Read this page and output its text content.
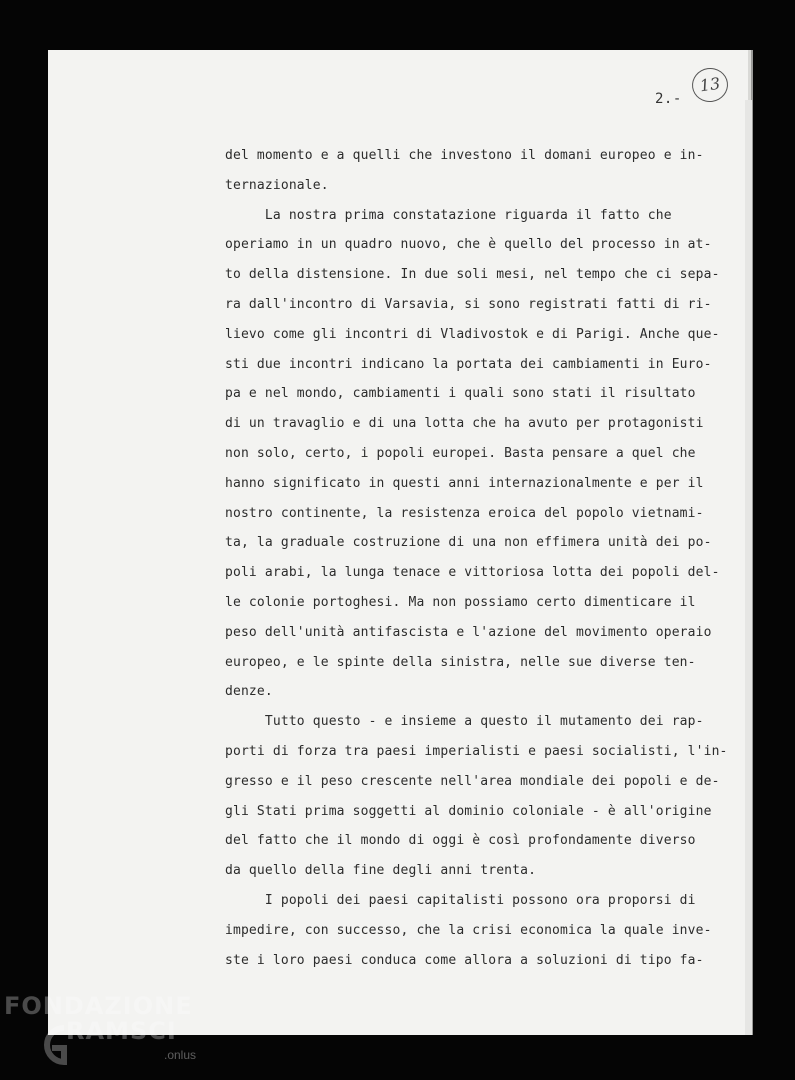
13
2.-
del momento e a quelli che investono il domani europeo e in-
ternazionale.
La nostra prima constatazione riguarda il fatto che
operiamo in un quadro nuovo, che è quello del processo in at-
to della distensione. In due soli mesi, nel tempo che ci sepa-
ra dall'incontro di Varsavia, si sono registrati fatti di ri-
lievo come gli incontri di Vladivostok e di Parigi. Anche que-
sti due incontri indicano la portata dei cambiamenti in Euro-
pa e nel mondo, cambiamenti i quali sono stati il risultato
di un travaglio e di una lotta che ha avuto per protagonisti
non solo, certo, i popoli europei. Basta pensare a quel che
hanno significato in questi anni internazionalmente e per il
nostro continente, la resistenza eroica del popolo vietnami-
ta, la graduale costruzione di una non effimera unità dei po-
poli arabi, la lunga tenace e vittoriosa lotta dei popoli del-
le colonie portoghesi. Ma non possiamo certo dimenticare il
peso dell'unità antifascista e l'azione del movimento operaio
europeo, e le spinte della sinistra, nelle sue diverse ten-
denze.
Tutto questo - e insieme a questo il mutamento dei rap-
porti di forza tra paesi imperialisti e paesi socialisti, l'in-
gresso e il peso crescente nell'area mondiale dei popoli e de-
gli Stati prima soggetti al dominio coloniale - è all'origine
del fatto che il mondo di oggi è così profondamente diverso
da quello della fine degli anni trenta.
I popoli dei paesi capitalisti possono ora proporsi di
impedire, con successo, che la crisi economica la quale inve-
ste i loro paesi conduca come allora a soluzioni di tipo fa-
FONDAZIONE
RAMSCI
.onlus
